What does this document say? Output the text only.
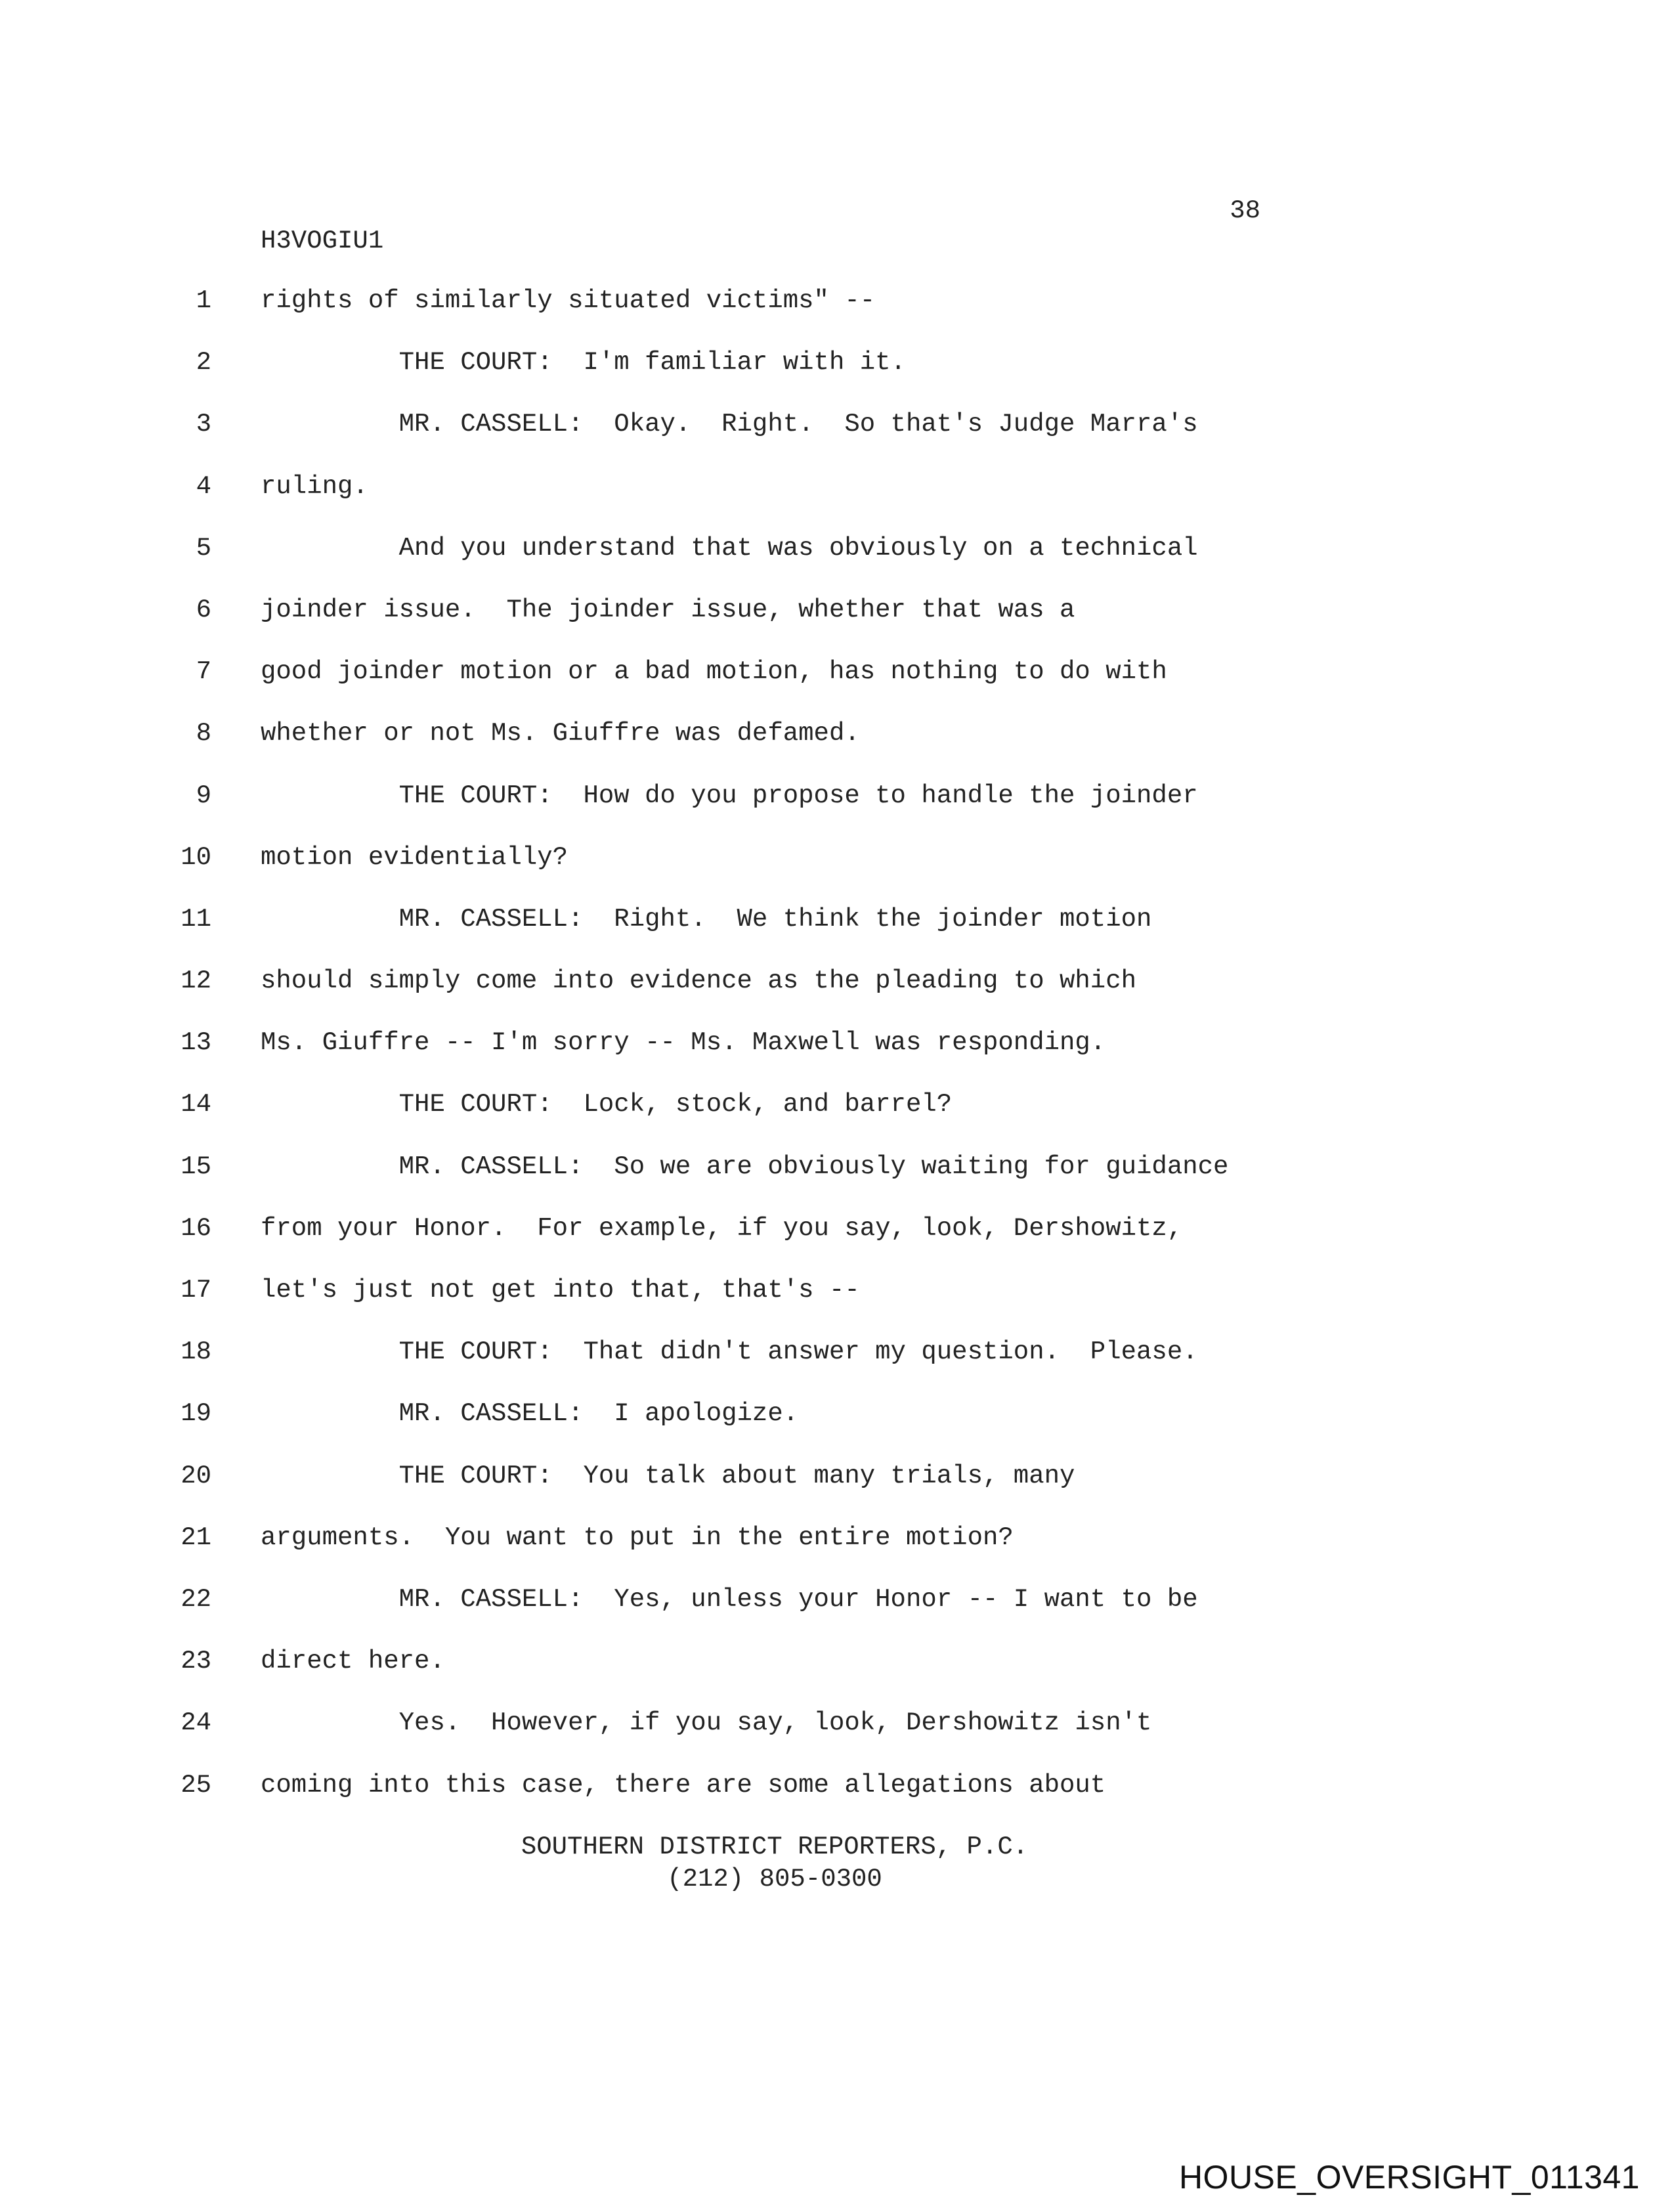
38
H3VOGIU1
1 rights of similarly situated victims" --
2 THE COURT:  I'm familiar with it.
3 MR. CASSELL:  Okay.  Right.  So that's Judge Marra's
4 ruling.
5 And you understand that was obviously on a technical
6 joinder issue.  The joinder issue, whether that was a
7 good joinder motion or a bad motion, has nothing to do with
8 whether or not Ms. Giuffre was defamed.
9 THE COURT:  How do you propose to handle the joinder
10 motion evidentially?
11 MR. CASSELL:  Right.  We think the joinder motion
12 should simply come into evidence as the pleading to which
13 Ms. Giuffre -- I'm sorry -- Ms. Maxwell was responding.
14 THE COURT:  Lock, stock, and barrel?
15 MR. CASSELL:  So we are obviously waiting for guidance
16 from your Honor.  For example, if you say, look, Dershowitz,
17 let's just not get into that, that's --
18 THE COURT:  That didn't answer my question.  Please.
19 MR. CASSELL:  I apologize.
20 THE COURT:  You talk about many trials, many
21 arguments.  You want to put in the entire motion?
22 MR. CASSELL:  Yes, unless your Honor -- I want to be
23 direct here.
24 Yes.  However, if you say, look, Dershowitz isn't
25 coming into this case, there are some allegations about
SOUTHERN DISTRICT REPORTERS, P.C.
(212) 805-0300
HOUSE_OVERSIGHT_011341
